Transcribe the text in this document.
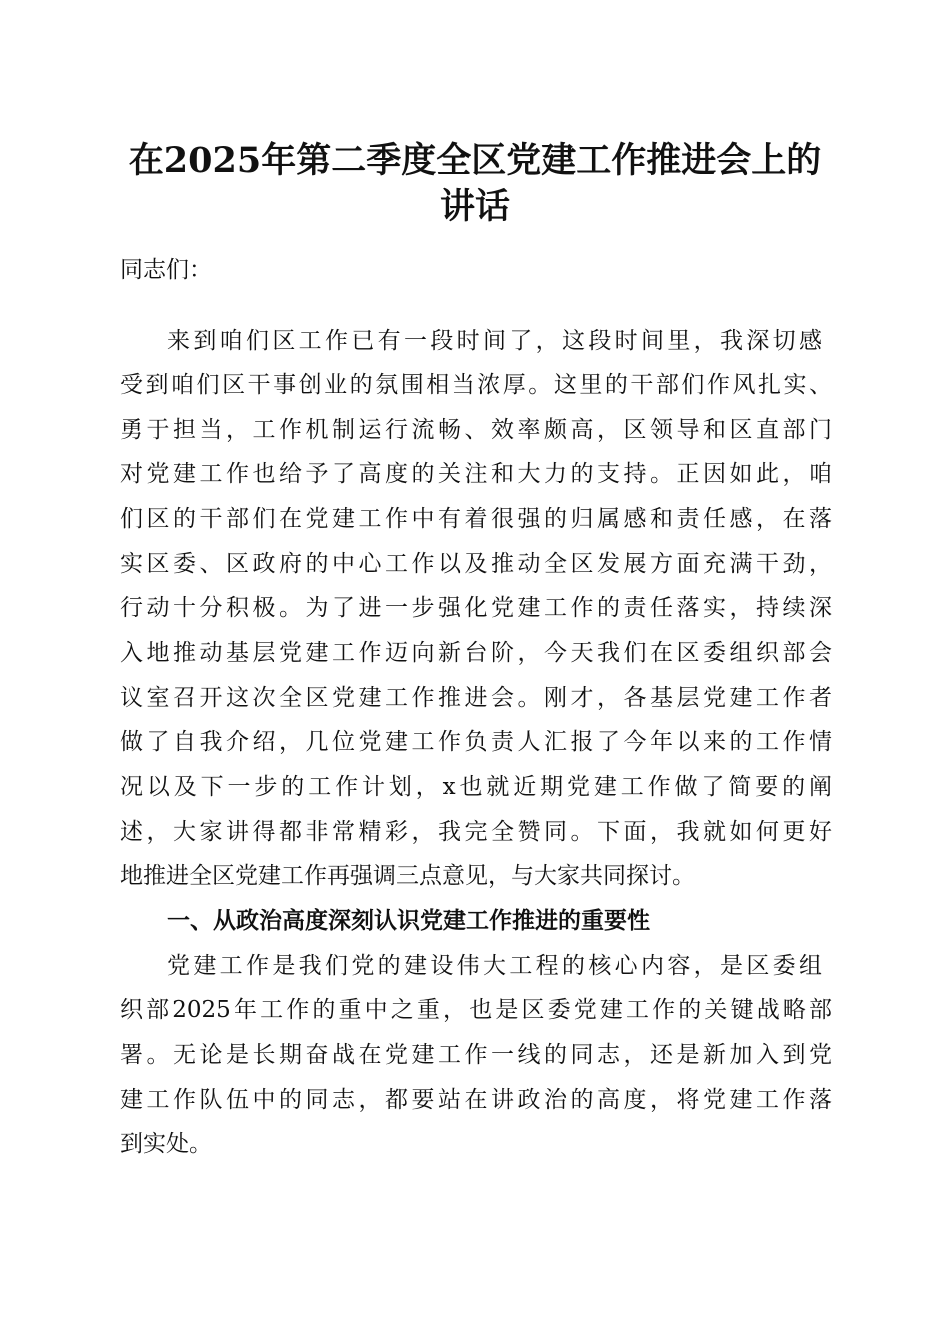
在2025年第二季度全区党建工作推进会上的
讲话
同志们：
来到咱们区工作已有一段时间了，这段时间里，我深切感
受到咱们区干事创业的氛围相当浓厚。这里的干部们作风扎实、
勇于担当，工作机制运行流畅、效率颇高，区领导和区直部门
对党建工作也给予了高度的关注和大力的支持。正因如此，咱
们区的干部们在党建工作中有着很强的归属感和责任感，在落
实区委、区政府的中心工作以及推动全区发展方面充满干劲，
行动十分积极。为了进一步强化党建工作的责任落实，持续深
入地推动基层党建工作迈向新台阶，今天我们在区委组织部会
议室召开这次全区党建工作推进会。刚才，各基层党建工作者
做了自我介绍，几位党建工作负责人汇报了今年以来的工作情
况以及下一步的工作计划，x也就近期党建工作做了简要的阐
述，大家讲得都非常精彩，我完全赞同。下面，我就如何更好
地推进全区党建工作再强调三点意见，与大家共同探讨。
一、从政治高度深刻认识党建工作推进的重要性
党建工作是我们党的建设伟大工程的核心内容，是区委组
织部2025年工作的重中之重，也是区委党建工作的关键战略部
署。无论是长期奋战在党建工作一线的同志，还是新加入到党
建工作队伍中的同志，都要站在讲政治的高度，将党建工作落
到实处。
